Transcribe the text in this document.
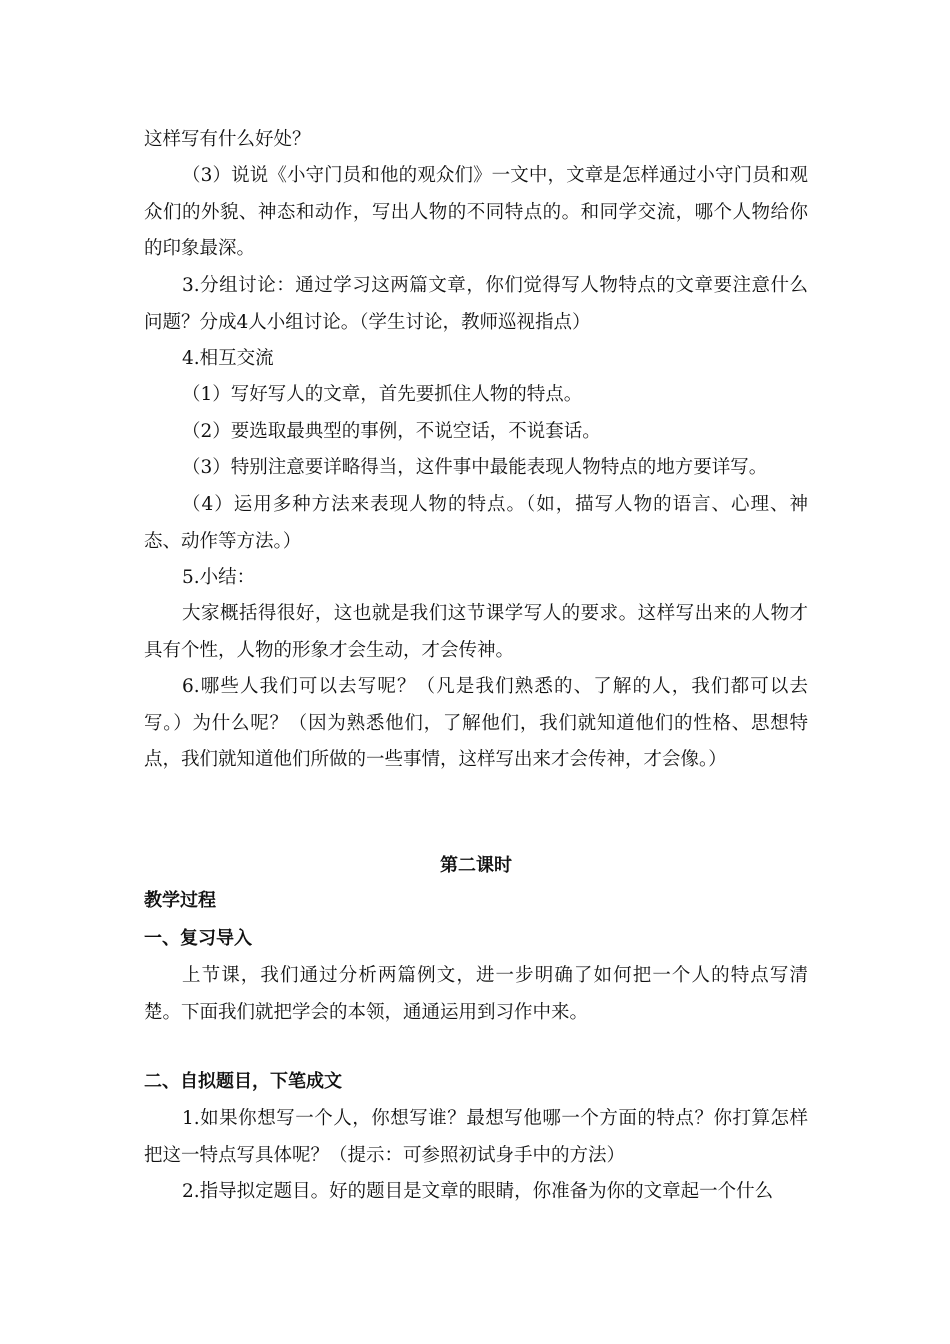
这样写有什么好处？
（3）说说《小守门员和他的观众们》一文中，文章是怎样通过小守门员和观众们的外貌、神态和动作，写出人物的不同特点的。和同学交流，哪个人物给你的印象最深。
3.分组讨论：通过学习这两篇文章，你们觉得写人物特点的文章要注意什么问题？分成4人小组讨论。（学生讨论，教师巡视指点）
4.相互交流
（1）写好写人的文章，首先要抓住人物的特点。
（2）要选取最典型的事例，不说空话，不说套话。
（3）特别注意要详略得当，这件事中最能表现人物特点的地方要详写。
（4）运用多种方法来表现人物的特点。（如，描写人物的语言、心理、神态、动作等方法。）
5.小结：
大家概括得很好，这也就是我们这节课学写人的要求。这样写出来的人物才具有个性，人物的形象才会生动，才会传神。
6.哪些人我们可以去写呢？（凡是我们熟悉的、了解的人，我们都可以去写。）为什么呢？（因为熟悉他们，了解他们，我们就知道他们的性格、思想特点，我们就知道他们所做的一些事情，这样写出来才会传神，才会像。）
第二课时
教学过程
一、复习导入
上节课，我们通过分析两篇例文，进一步明确了如何把一个人的特点写清楚。下面我们就把学会的本领，通通运用到习作中来。
二、自拟题目，下笔成文
1.如果你想写一个人，你想写谁？最想写他哪一个方面的特点？你打算怎样把这一特点写具体呢？（提示：可参照初试身手中的方法）
2.指导拟定题目。好的题目是文章的眼睛，你准备为你的文章起一个什么
